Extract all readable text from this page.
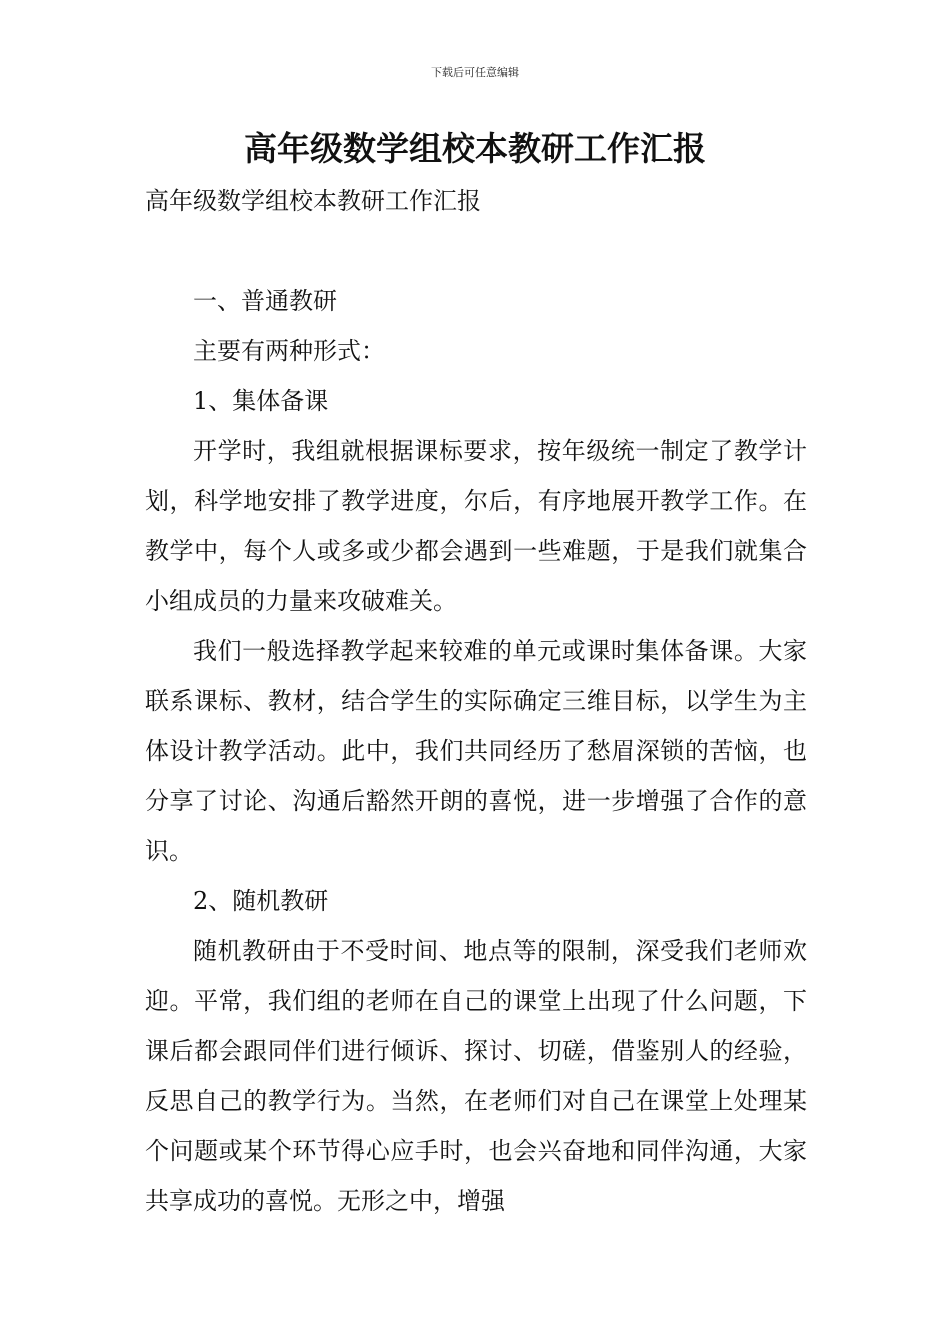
下载后可任意编辑
高年级数学组校本教研工作汇报

高年级数学组校本教研工作汇报

一、普通教研

主要有两种形式：

1、集体备课

开学时，我组就根据课标要求，按年级统一制定了教学计划，科学地安排了教学进度，尔后，有序地展开教学工作。在教学中，每个人或多或少都会遇到一些难题，于是我们就集合小组成员的力量来攻破难关。

我们一般选择教学起来较难的单元或课时集体备课。大家联系课标、教材，结合学生的实际确定三维目标，以学生为主体设计教学活动。此中，我们共同经历了愁眉深锁的苦恼，也分享了讨论、沟通后豁然开朗的喜悦，进一步增强了合作的意识。

2、随机教研

随机教研由于不受时间、地点等的限制，深受我们老师欢迎。平常，我们组的老师在自己的课堂上出现了什么问题，下课后都会跟同伴们进行倾诉、探讨、切磋，借鉴别人的经验，反思自己的教学行为。当然，在老师们对自己在课堂上处理某个问题或某个环节得心应手时，也会兴奋地和同伴沟通，大家共享成功的喜悦。无形之中，增强
